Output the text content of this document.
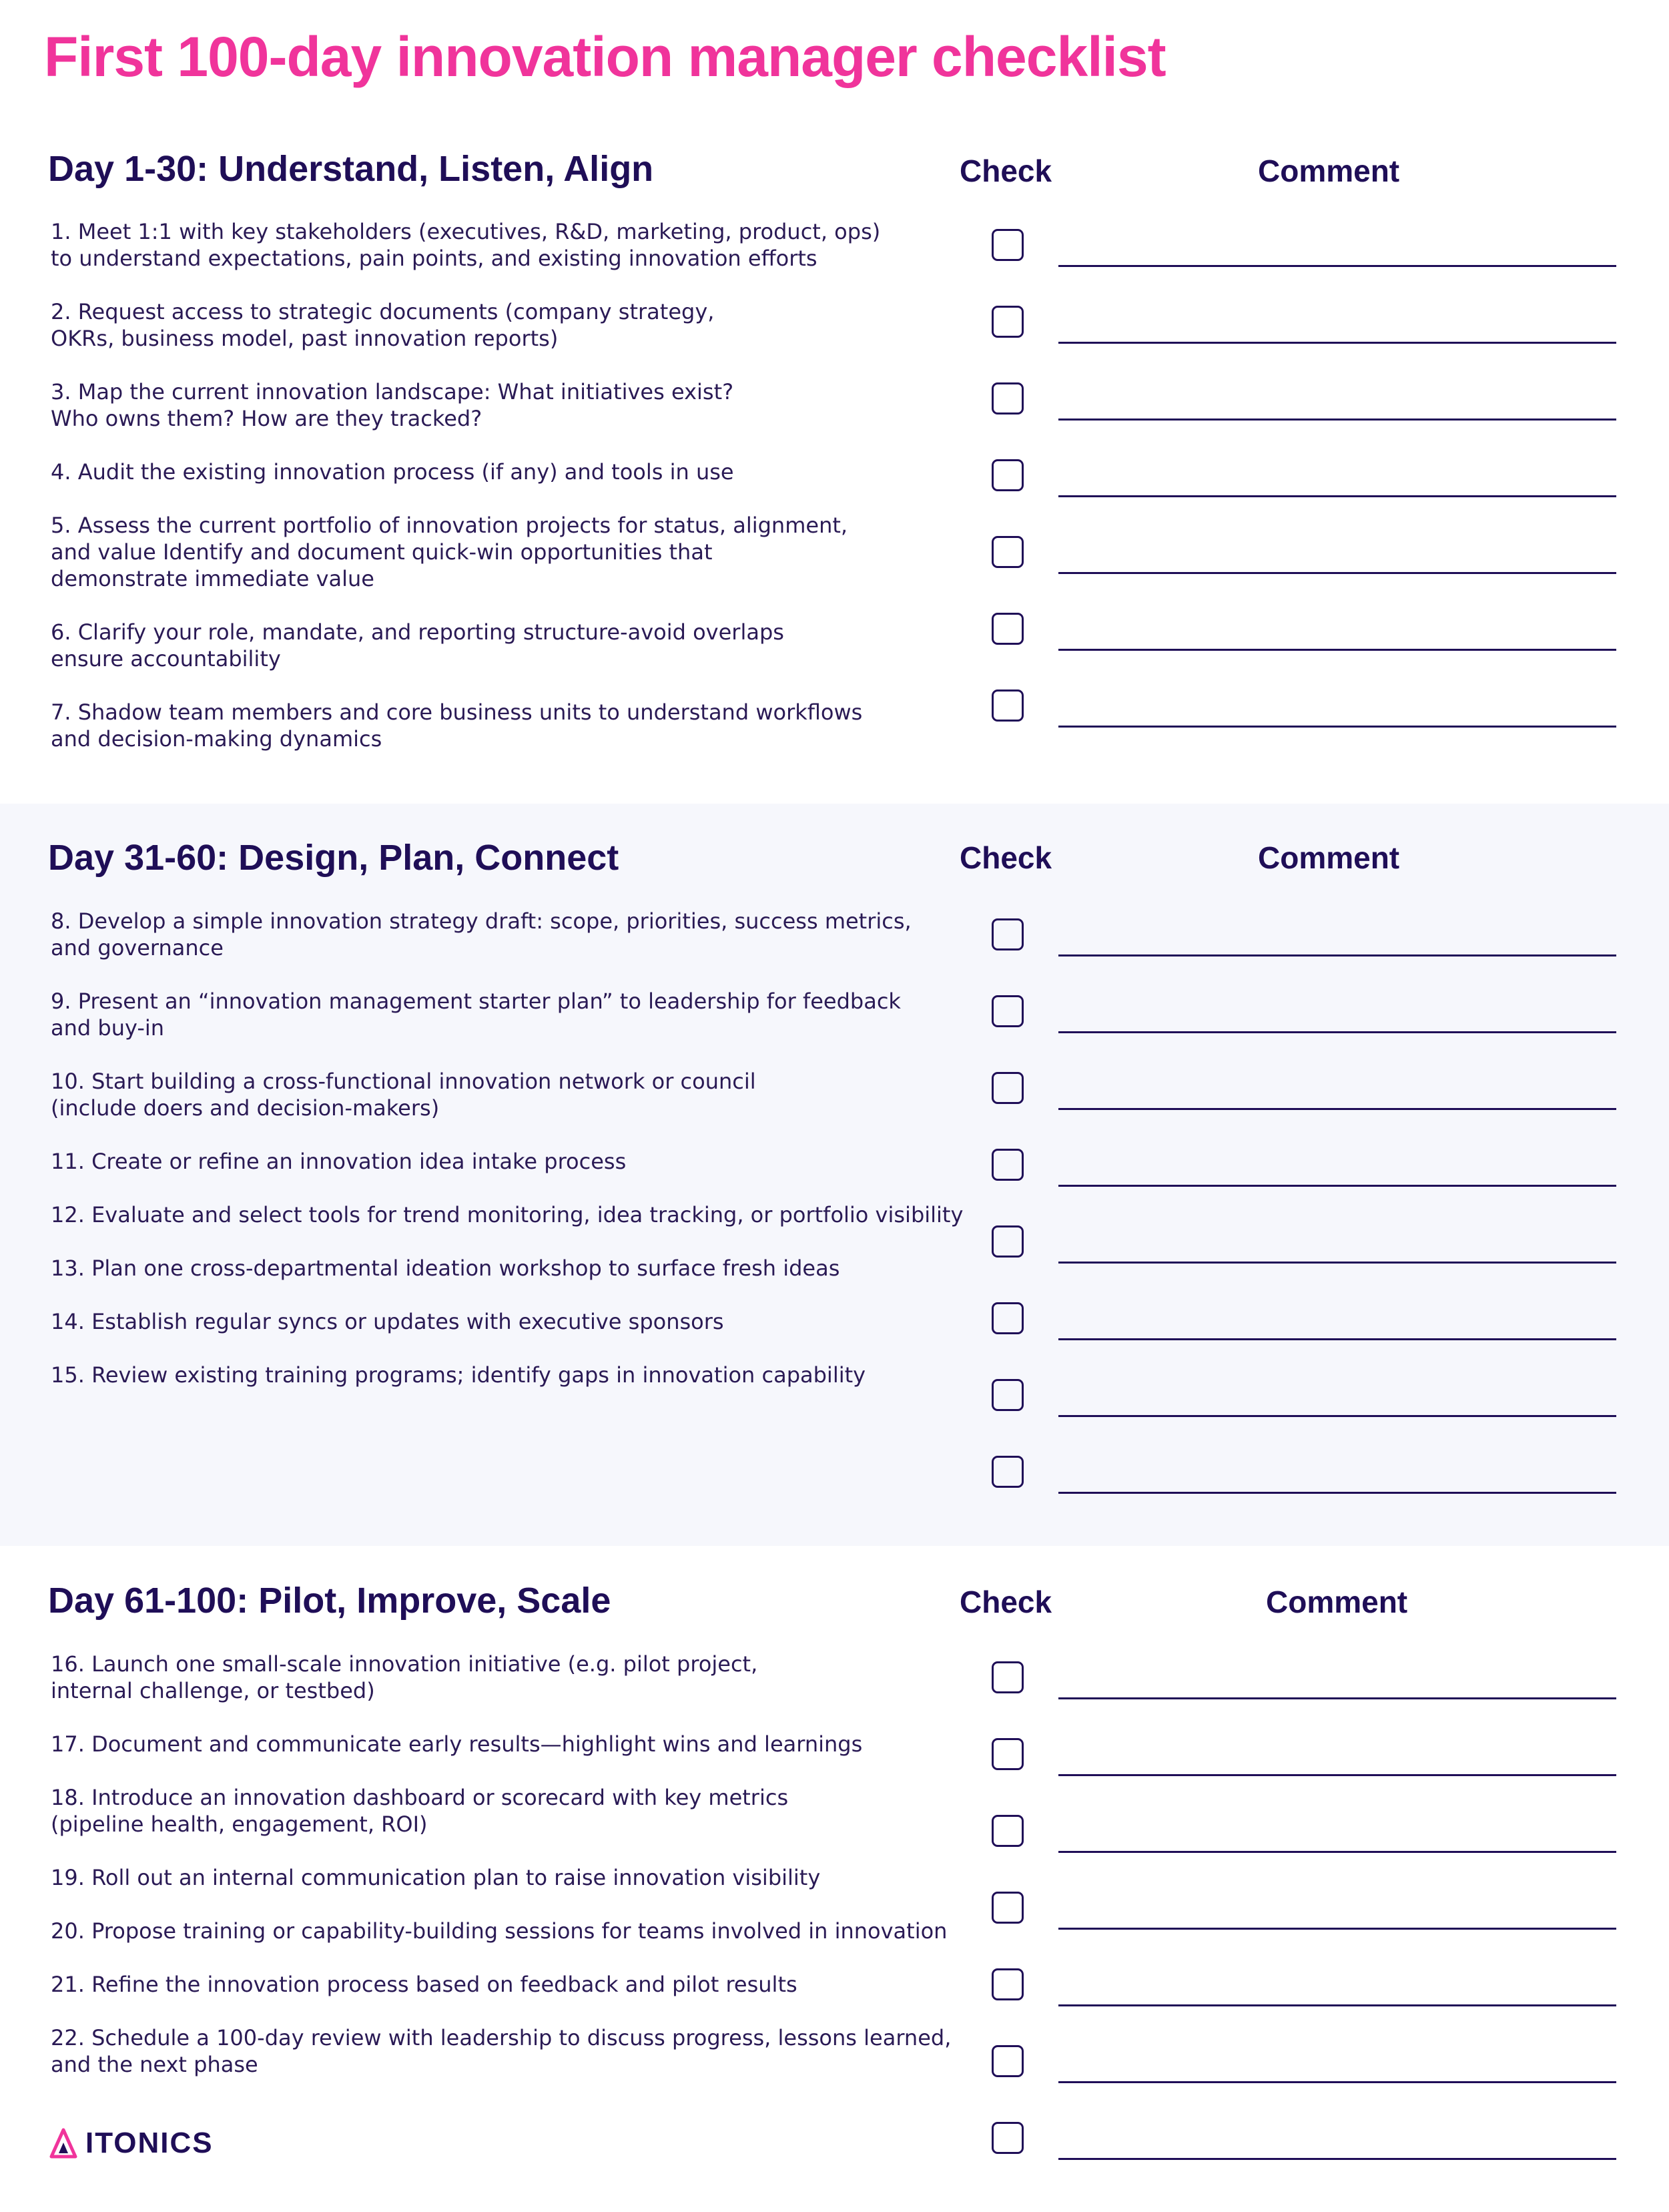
First 100-day innovation manager checklist
Day 1-30: Understand, Listen, Align	Check	Comment
1. Meet 1:1 with key stakeholders (executives, R&D, marketing, product, ops)
to understand expectations, pain points, and existing innovation efforts
2. Request access to strategic documents (company strategy,
OKRs, business model, past innovation reports)
3. Map the current innovation landscape: What initiatives exist?
Who owns them? How are they tracked?
4. Audit the existing innovation process (if any) and tools in use
5. Assess the current portfolio of innovation projects for status, alignment,
and value Identify and document quick-win opportunities that
demonstrate immediate value
6. Clarify your role, mandate, and reporting structure-avoid overlaps
ensure accountability
7. Shadow team members and core business units to understand workflows
and decision-making dynamics
Day 31-60: Design, Plan, Connect	Check	Comment
8. Develop a simple innovation strategy draft: scope, priorities, success metrics,
and governance
9. Present an “innovation management starter plan” to leadership for feedback
and buy-in
10. Start building a cross-functional innovation network or council
(include doers and decision-makers)
11. Create or refine an innovation idea intake process
12. Evaluate and select tools for trend monitoring, idea tracking, or portfolio visibility
13. Plan one cross-departmental ideation workshop to surface fresh ideas
14. Establish regular syncs or updates with executive sponsors
15. Review existing training programs; identify gaps in innovation capability
Day 61-100: Pilot, Improve, Scale	Check	Comment
16. Launch one small-scale innovation initiative (e.g. pilot project,
internal challenge, or testbed)
17. Document and communicate early results—highlight wins and learnings
18. Introduce an innovation dashboard or scorecard with key metrics
(pipeline health, engagement, ROI)
19. Roll out an internal communication plan to raise innovation visibility
20. Propose training or capability-building sessions for teams involved in innovation
21. Refine the innovation process based on feedback and pilot results
22. Schedule a 100-day review with leadership to discuss progress, lessons learned,
and the next phase
ITONICS
